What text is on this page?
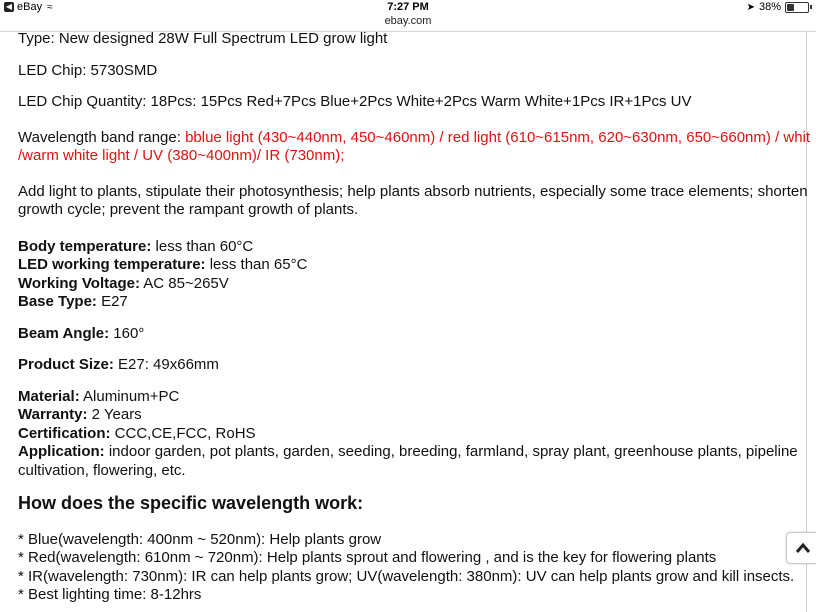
◀ eBay ≈	7:27 PM	➤ 38%
ebay.com

Type: New designed 28W Full Spectrum LED grow light

LED Chip: 5730SMD

LED Chip Quantity: 18Pcs: 15Pcs Red+7Pcs Blue+2Pcs White+2Pcs Warm White+1Pcs IR+1Pcs UV

Wavelength band range: bblue light (430~440nm, 450~460nm) / red light (610~615nm, 620~630nm, 650~660nm) / whit

/warm white light / UV (380~400nm)/ IR (730nm);

Add light to plants, stipulate their photosynthesis; help plants absorb nutrients, especially some trace elements; shorten

growth cycle; prevent the rampant growth of plants.

Body temperature: less than 60°C

LED working temperature: less than 65°C

Working Voltage: AC 85~265V

Base Type: E27

Beam Angle: 160°

Product Size: E27: 49x66mm

Material: Aluminum+PC

Warranty: 2 Years

Certification: CCC,CE,FCC, RoHS

Application: indoor garden, pot plants, garden, seeding, breeding, farmland, spray plant, greenhouse plants, pipeline

cultivation, flowering, etc.

How does the specific wavelength work:

* Blue(wavelength: 400nm ~ 520nm): Help plants grow

* Red(wavelength: 610nm ~ 720nm): Help plants sprout and flowering , and is the key for flowering plants

* IR(wavelength: 730nm): IR can help plants grow; UV(wavelength: 380nm): UV can help plants grow and kill insects.

* Best lighting time: 8-12hrs
